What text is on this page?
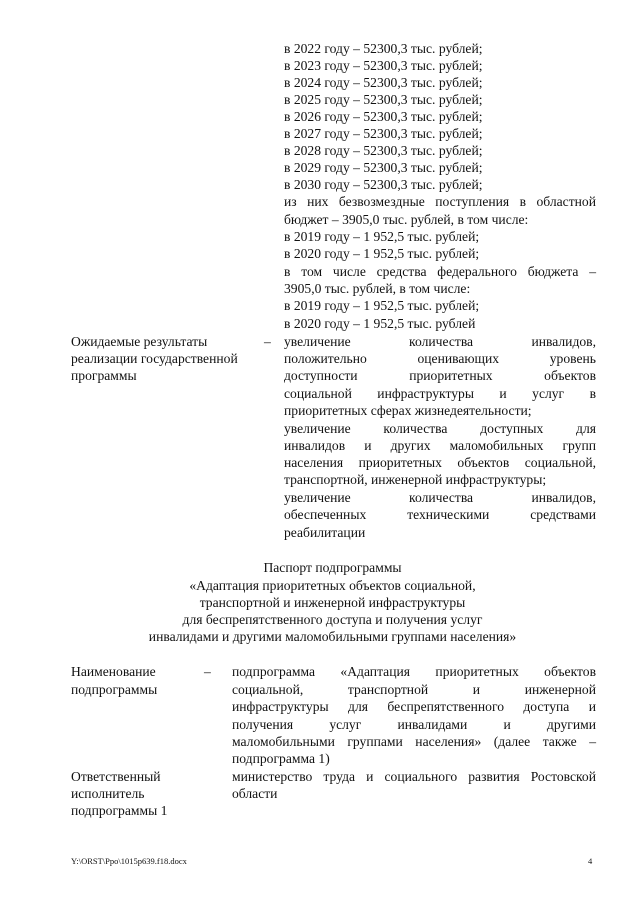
в 2022 году – 52300,3 тыс. рублей;
в 2023 году – 52300,3 тыс. рублей;
в 2024 году – 52300,3 тыс. рублей;
в 2025 году – 52300,3 тыс. рублей;
в 2026 году – 52300,3 тыс. рублей;
в 2027 году – 52300,3 тыс. рублей;
в 2028 году – 52300,3 тыс. рублей;
в 2029 году – 52300,3 тыс. рублей;
в 2030 году – 52300,3 тыс. рублей;
из них безвозмездные поступления в областной
бюджет – 3905,0 тыс. рублей, в том числе:
в 2019 году – 1 952,5 тыс. рублей;
в 2020 году – 1 952,5 тыс. рублей;
в том числе средства федерального бюджета –
3905,0 тыс. рублей, в том числе:
в 2019 году – 1 952,5 тыс. рублей;
в 2020 году – 1 952,5 тыс. рублей
Ожидаемые результаты
реализации государственной
программы
– увеличение количества инвалидов,
положительно оценивающих уровень
доступности приоритетных объектов
социальной инфраструктуры и услуг в
приоритетных сферах жизнедеятельности;
увеличение количества доступных для
инвалидов и других маломобильных групп
населения приоритетных объектов социальной,
транспортной, инженерной инфраструктуры;
увеличение количества инвалидов,
обеспеченных техническими средствами
реабилитации
Паспорт подпрограммы
«Адаптация приоритетных объектов социальной,
транспортной и инженерной инфраструктуры
для беспрепятственного доступа и получения услуг
инвалидами и другими маломобильными группами населения»
Наименование
подпрограммы
– подпрограмма «Адаптация приоритетных объектов
социальной, транспортной и инженерной
инфраструктуры для беспрепятственного доступа и
получения услуг инвалидами и другими
маломобильными группами населения» (далее также –
подпрограмма 1)
Ответственный
исполнитель
подпрограммы 1
министерство труда и социального развития Ростовской
области
Y:\ORST\Ppo\1015p639.f18.docx	4
